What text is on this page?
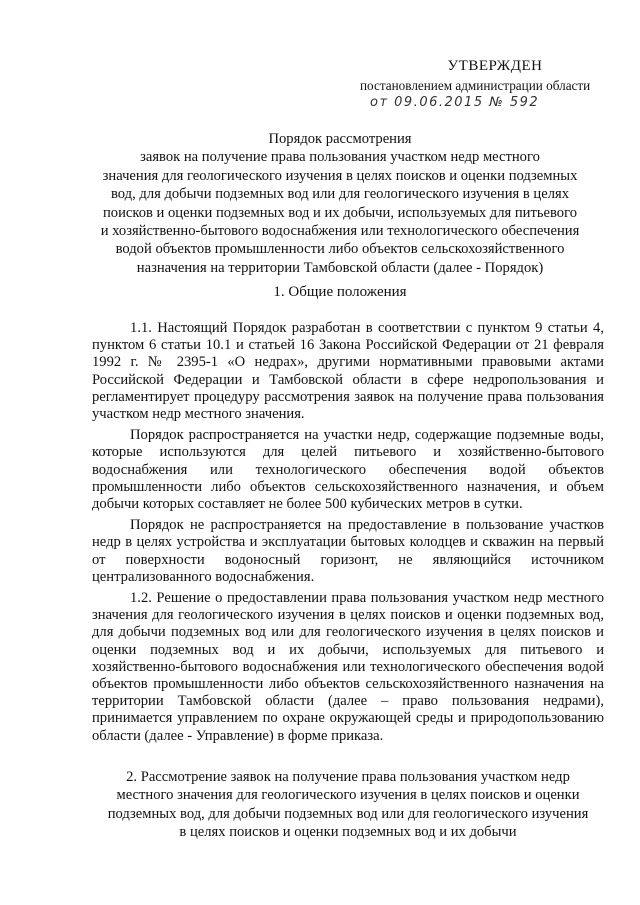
УТВЕРЖДЕН
постановлением администрации области
от 09.06.2015 № 592
Порядок рассмотрения
заявок на получение права пользования участком недр местного
значения для геологического изучения в целях поисков и оценки подземных
вод, для добычи подземных вод или для геологического изучения в целях
поисков и оценки подземных вод и их добычи, используемых для питьевого
и хозяйственно-бытового водоснабжения или технологического обеспечения
водой объектов промышленности либо объектов сельскохозяйственного
назначения на территории Тамбовской области (далее - Порядок)
1. Общие положения

1.1. Настоящий Порядок разработан в соответствии с пунктом 9 статьи 4, пунктом 6 статьи 10.1 и статьей 16 Закона Российской Федерации от 21 февраля 1992 г. № 2395-1 «О недрах», другими нормативными правовыми актами Российской Федерации и Тамбовской области в сфере недропользования и регламентирует процедуру рассмотрения заявок на получение права пользования участком недр местного значения.

Порядок распространяется на участки недр, содержащие подземные воды, которые используются для целей питьевого и хозяйственно-бытового водоснабжения или технологического обеспечения водой объектов промышленности либо объектов сельскохозяйственного назначения, и объем добычи которых составляет не более 500 кубических метров в сутки.

Порядок не распространяется на предоставление в пользование участков недр в целях устройства и эксплуатации бытовых колодцев и скважин на первый от поверхности водоносный горизонт, не являющийся источником централизованного водоснабжения.

1.2. Решение о предоставлении права пользования участком недр местного значения для геологического изучения в целях поисков и оценки подземных вод, для добычи подземных вод или для геологического изучения в целях поисков и оценки подземных вод и их добычи, используемых для питьевого и хозяйственно-бытового водоснабжения или технологического обеспечения водой объектов промышленности либо объектов сельскохозяйственного назначения на территории Тамбовской области (далее – право пользования недрами), принимается управлением по охране окружающей среды и природопользованию области (далее - Управление) в форме приказа.

2. Рассмотрение заявок на получение права пользования участком недр
местного значения для геологического изучения в целях поисков и оценки
подземных вод, для добычи подземных вод или для геологического изучения
в целях поисков и оценки подземных вод и их добычи
